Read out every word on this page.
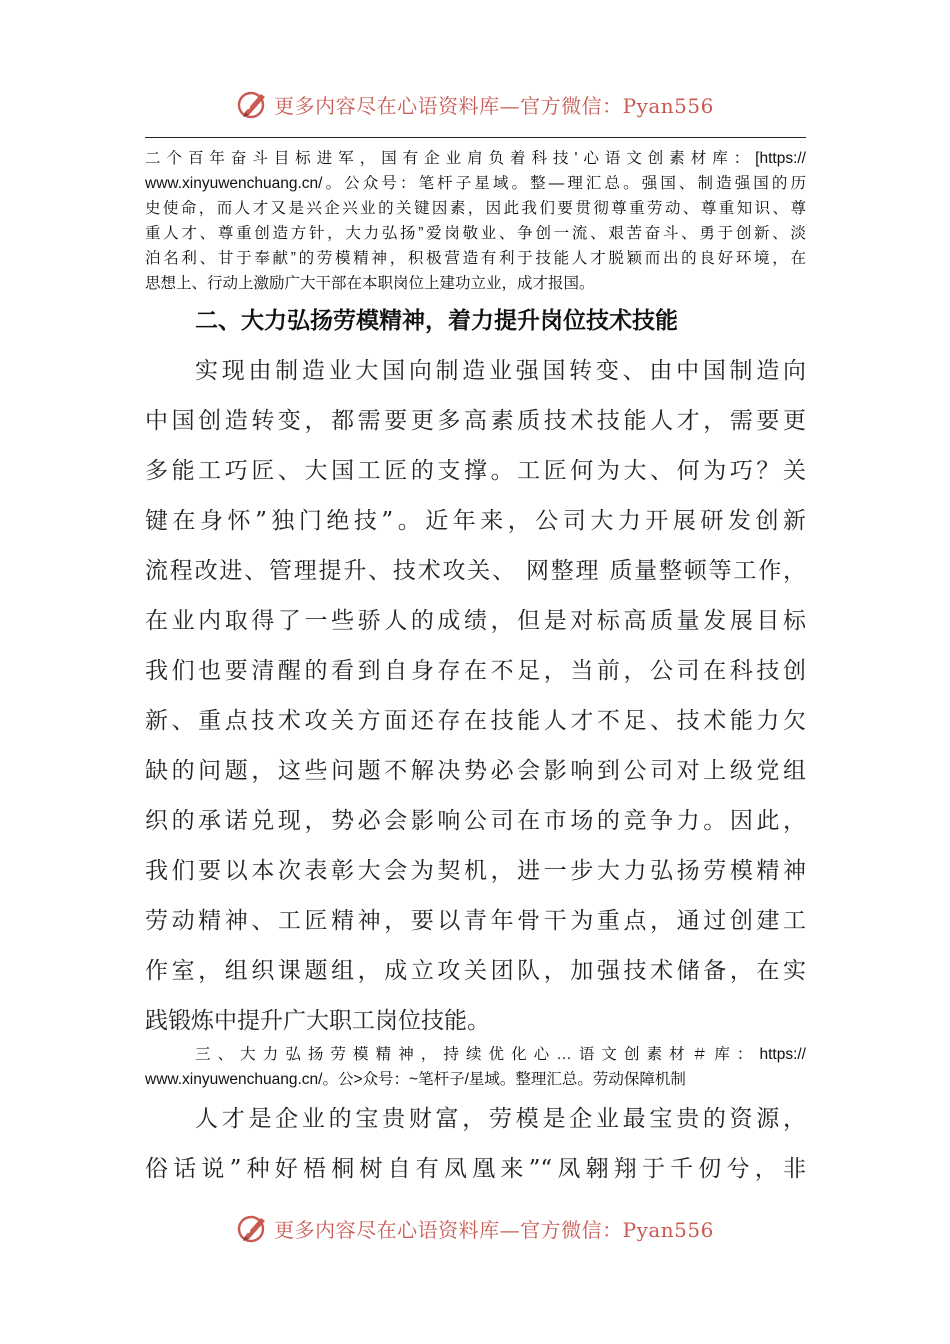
更多内容尽在心语资料库—官方微信：Pyan556
二个百年奋斗目标进军，国有企业肩负着科技'心语文创素材库：[https://
www.xinyuwenchuang.cn/。公众号：笔杆子星域。整—理汇总。强国、制造强国的历
史使命，而人才又是兴企兴业的关键因素，因此我们要贯彻尊重劳动、尊重知识、尊
重人才、尊重创造方针，大力弘扬”爱岗敬业、争创一流、艰苦奋斗、勇于创新、淡
泊名利、甘于奉献”的劳模精神，积极营造有利于技能人才脱颖而出的良好环境，在
思想上、行动上激励广大干部在本职岗位上建功立业，成才报国。
二、大力弘扬劳模精神，着力提升岗位技术技能
实现由制造业大国向制造业强国转变、由中国制造向
中国创造转变，都需要更多高素质技术技能人才，需要更
多能工巧匠、大国工匠的支撑。工匠何为大、何为巧？关
键在身怀”独门绝技”。近年来，公司大力开展研发创新
流程改进、管理提升、技术攻关、 网整理 质量整顿等工作，
在业内取得了一些骄人的成绩，但是对标高质量发展目标
我们也要清醒的看到自身存在不足，当前，公司在科技创
新、重点技术攻关方面还存在技能人才不足、技术能力欠
缺的问题，这些问题不解决势必会影响到公司对上级党组
织的承诺兑现，势必会影响公司在市场的竞争力。因此，
我们要以本次表彰大会为契机，进一步大力弘扬劳模精神
劳动精神、工匠精神，要以青年骨干为重点，通过创建工
作室，组织课题组，成立攻关团队，加强技术储备，在实
践锻炼中提升广大职工岗位技能。
三、大力弘扬劳模精神，持续优化心…语文创素材＃库：https://
www.xinyuwenchuang.cn/。公>众号：~笔杆子/星域。整理汇总。劳动保障机制
人才是企业的宝贵财富，劳模是企业最宝贵的资源，
俗话说”种好梧桐树自有凤凰来”“凤翱翔于千仞兮，非
更多内容尽在心语资料库—官方微信：Pyan556
